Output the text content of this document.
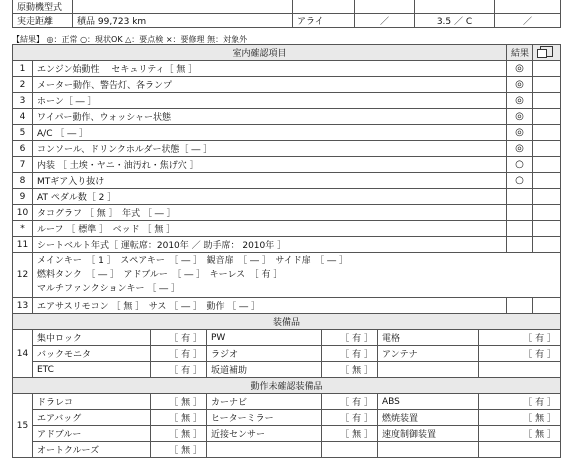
原動機型式					
実走距離	積品 99,723 km	アライ	／	3.5 ／ C	／
【結果】 ◎：正常 ○：現状OK △：要点検 ×：要修理 無：対象外
室内確認項目							結果	
1	エンジン始動性　 セキュリティ［ 無 ］						◎	
2	メーター動作、警告灯、各ランプ						◎	
3	ホーン［ ― ］						◎	
4	ワイパー動作、ウォッシャー状態						◎	
5	A/C ［ ― ］						◎	
6	コンソール、ドリンクホルダー状態［ ― ］						◎	
7	内装 ［ 土埃・ヤニ・油汚れ・焦げ穴 ］						○	
8	MTギア入り抜け						○	
9	AT ペダル数［ 2 ］							
10	タコグラフ ［ 無 ］　年式 ［ ― ］							
*	ルーフ ［ 標準 ］　ベッド ［ 無 ］							
11	シートベルト年式［ 運転席：2010年 ／ 助手席： 2010年 ］							
12	メインキー　［ 1 ］　スペアキー　［ ― ］　観音扉　［ ― ］　サイド扉　［ ― ］
燃料タンク　［ ― ］　アドブルー　［ ― ］　キーレス　［ 有 ］
マルチファンクションキー ［ ― ］							

13	エアサスリモコン ［ 無 ］　サス ［ ― ］　動作 ［ ― ］							
装備品								
14	集中ロック	［ 有 ］	PW	［ 有 ］	電格	［ 有 ］		
	バックモニタ	［ 有 ］	ラジオ	［ 有 ］	アンテナ	［ 有 ］		
	ETC	［ 有 ］	坂道補助	［ 無 ］				
動作未確認装備品								
15	ドラレコ	［ 無 ］	カーナビ	［ 有 ］	ABS	［ 有 ］		
	エアバッグ	［ 無 ］	ヒーターミラー	［ 有 ］	燃焼装置	［ 無 ］		
	アドブルー	［ 無 ］	近接センサー	［ 無 ］	速度制御装置	［ 無 ］		
	オートクルーズ	［ 無 ］						
